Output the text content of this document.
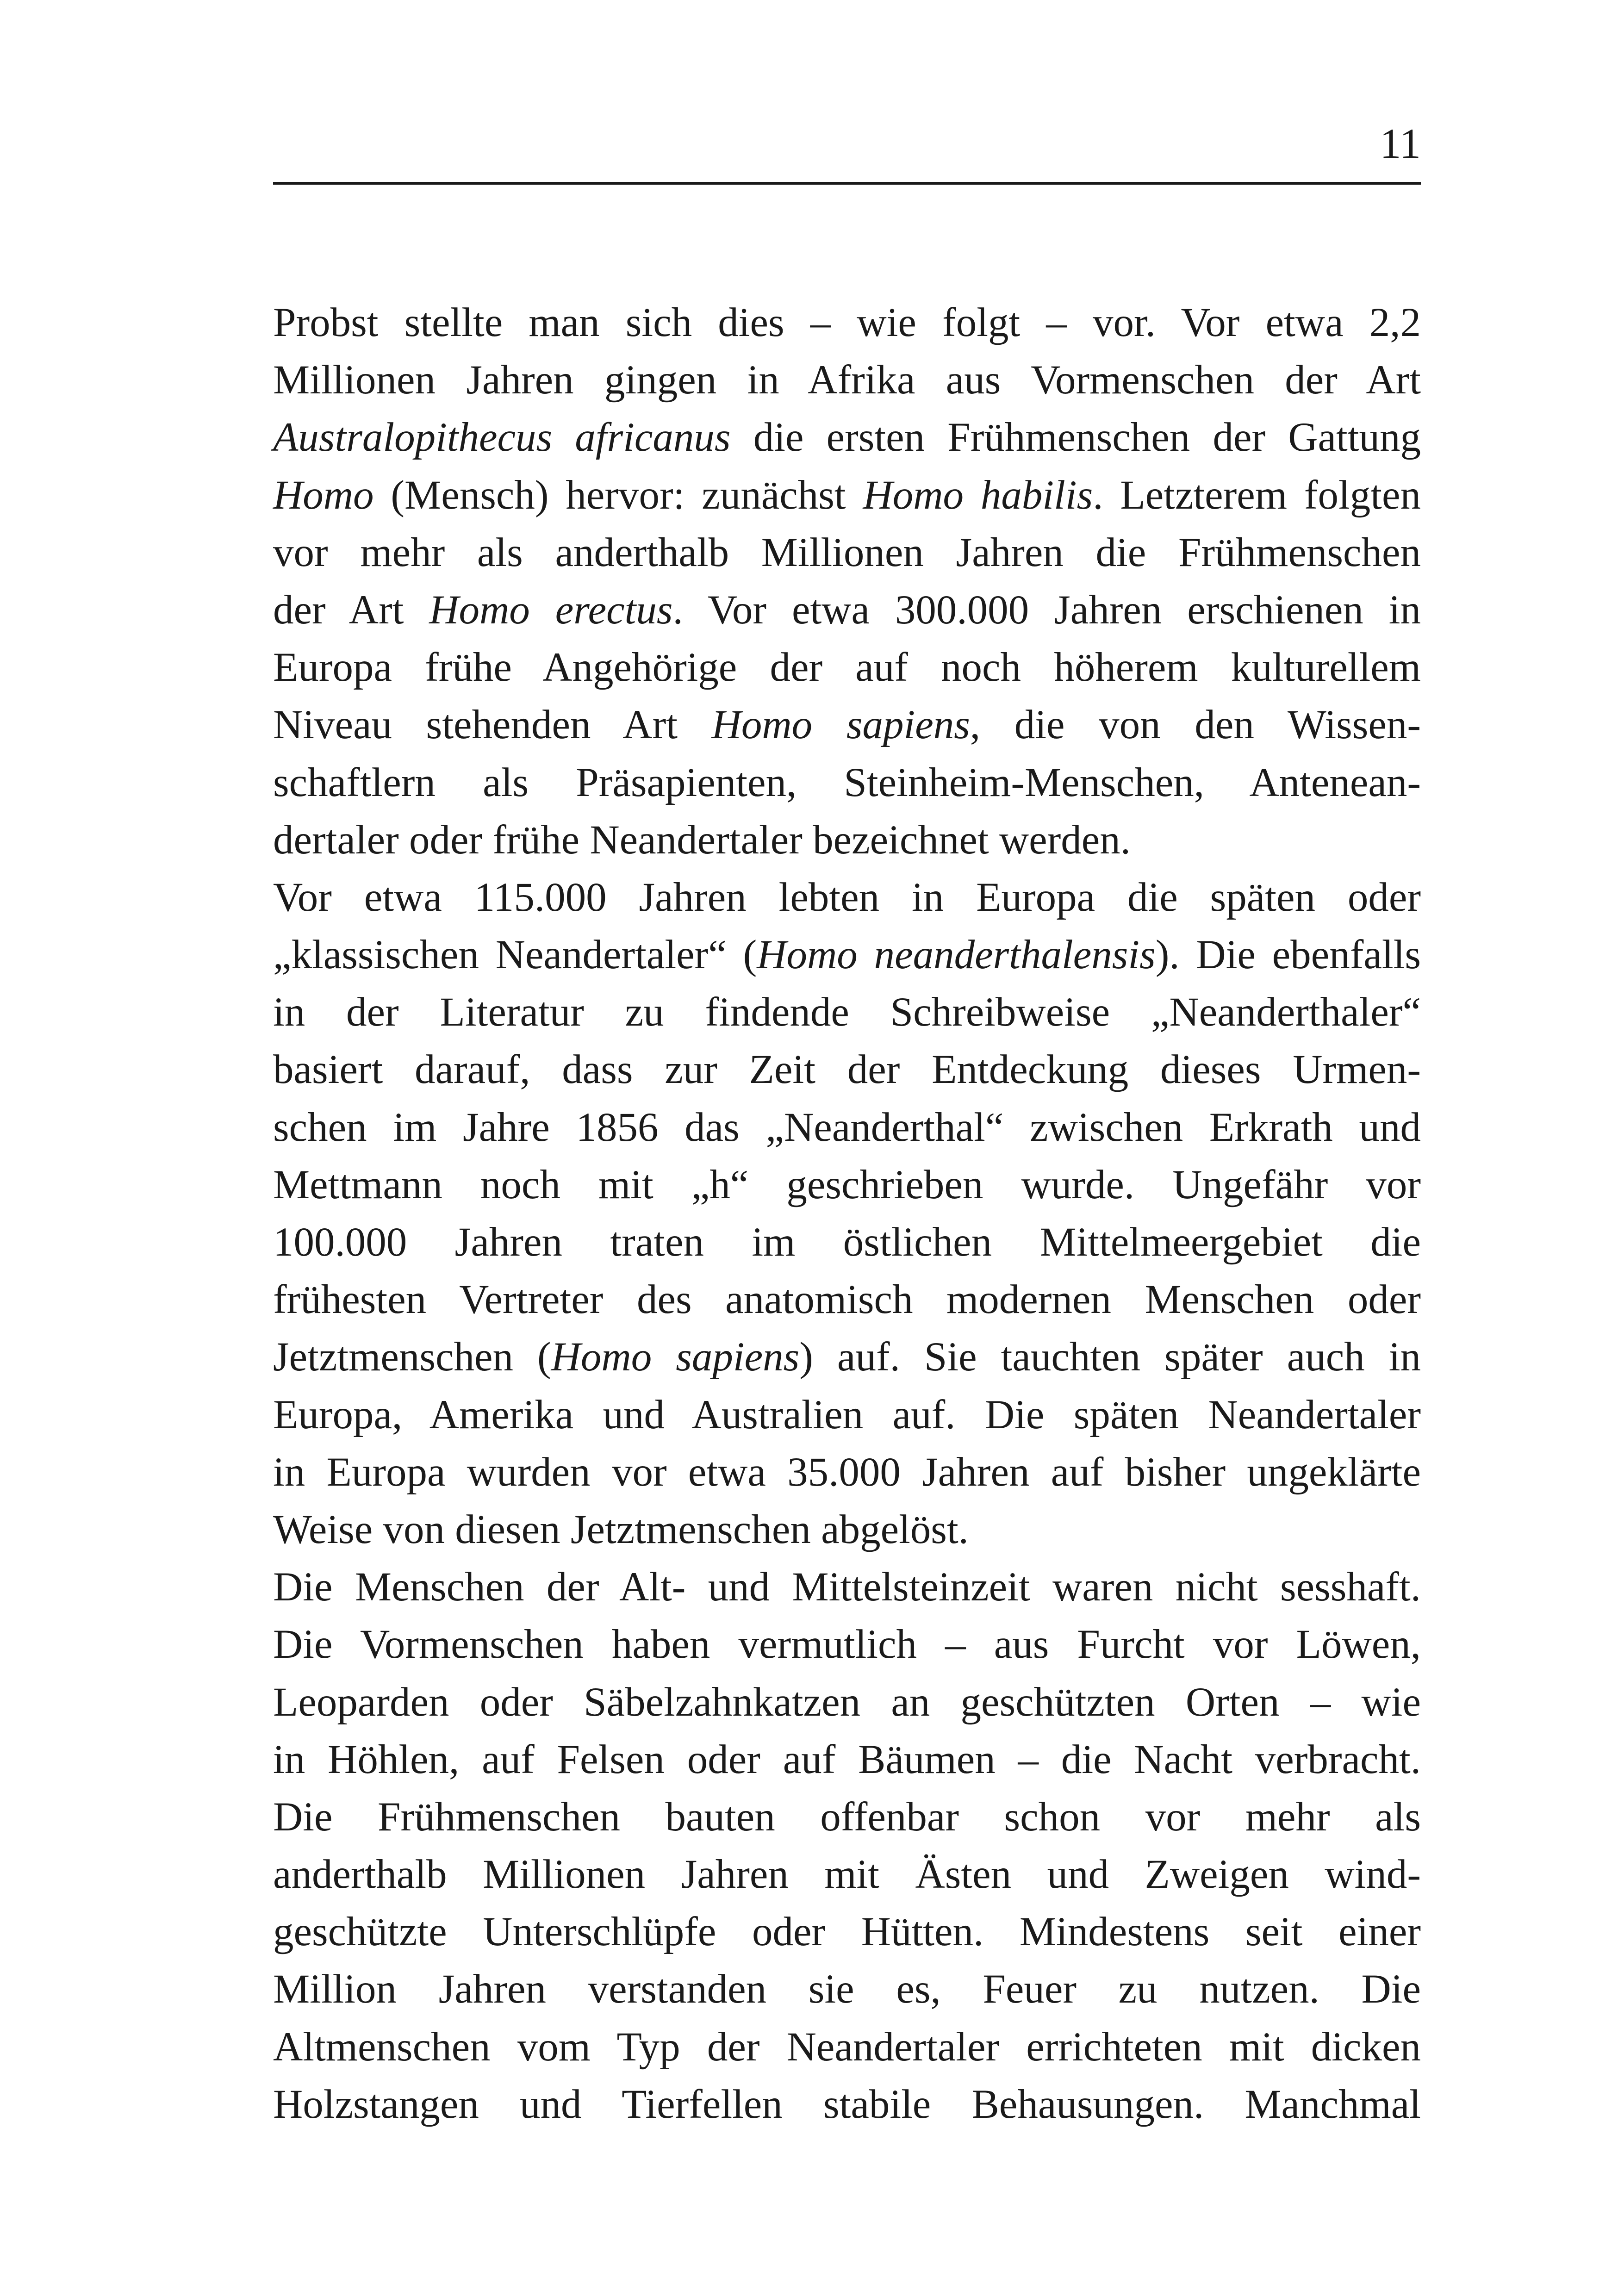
11
Probst stellte man sich dies – wie folgt – vor. Vor etwa 2,2
Millionen Jahren gingen in Afrika aus Vormenschen der Art
Australopithecus africanus die ersten Frühmenschen der Gattung
Homo (Mensch) hervor: zunächst Homo habilis. Letzterem folgten
vor mehr als anderthalb Millionen Jahren die Frühmenschen
der Art Homo erectus. Vor etwa 300.000 Jahren erschienen in
Europa frühe Angehörige der auf noch höherem kulturellem
Niveau stehenden Art Homo sapiens, die von den Wissen-
schaftlern als Präsapienten, Steinheim-Menschen, Antenean-
dertaler oder frühe Neandertaler bezeichnet werden.
Vor etwa 115.000 Jahren lebten in Europa die späten oder
„klassischen Neandertaler“ (Homo neanderthalensis). Die ebenfalls
in der Literatur zu findende Schreibweise „Neanderthaler“
basiert darauf, dass zur Zeit der Entdeckung dieses Urmen-
schen im Jahre 1856 das „Neanderthal“ zwischen Erkrath und
Mettmann noch mit „h“ geschrieben wurde. Ungefähr vor
100.000 Jahren traten im östlichen Mittelmeergebiet die
frühesten Vertreter des anatomisch modernen Menschen oder
Jetztmenschen (Homo sapiens) auf. Sie tauchten später auch in
Europa, Amerika und Australien auf. Die späten Neandertaler
in Europa wurden vor etwa 35.000 Jahren auf bisher ungeklärte
Weise von diesen Jetztmenschen abgelöst.
Die Menschen der Alt- und Mittelsteinzeit waren nicht sesshaft.
Die Vormenschen haben vermutlich – aus Furcht vor Löwen,
Leoparden oder Säbelzahnkatzen an geschützten Orten – wie
in Höhlen, auf Felsen oder auf Bäumen – die Nacht verbracht.
Die Frühmenschen bauten offenbar schon vor mehr als
anderthalb Millionen Jahren mit Ästen und Zweigen wind-
geschützte Unterschlüpfe oder Hütten. Mindestens seit einer
Million Jahren verstanden sie es, Feuer zu nutzen. Die
Altmenschen vom Typ der Neandertaler errichteten mit dicken
Holzstangen und Tierfellen stabile Behausungen. Manchmal
